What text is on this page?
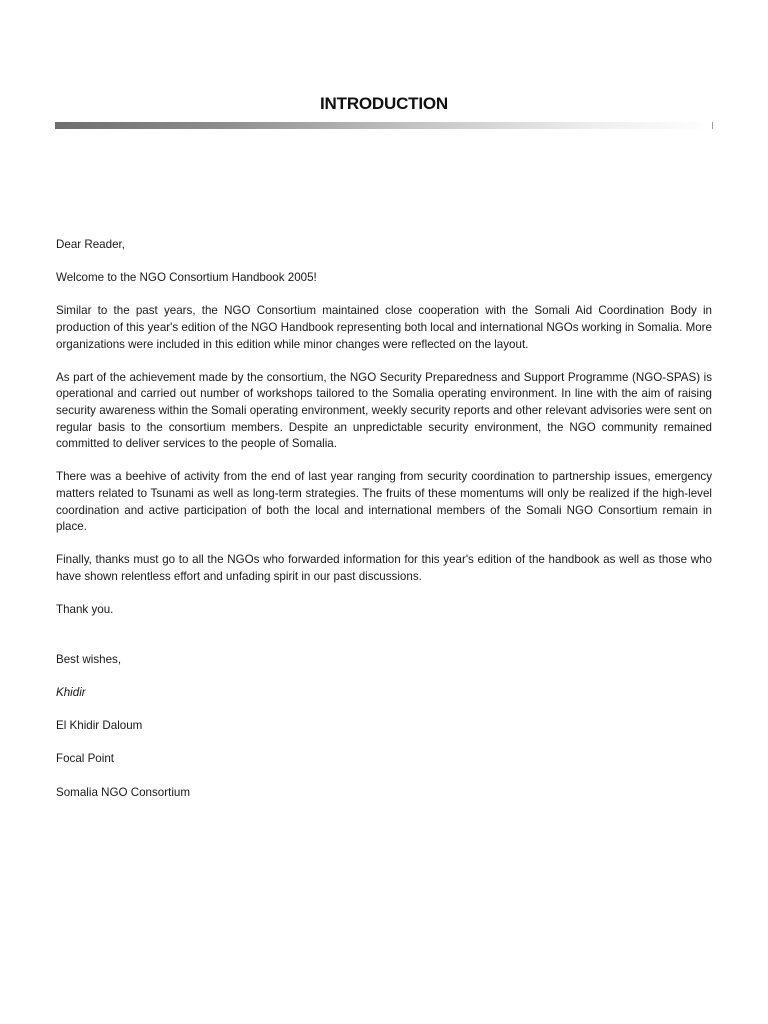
INTRODUCTION

Dear Reader,

Welcome to the NGO Consortium Handbook 2005!

Similar to the past years, the NGO Consortium maintained close cooperation with the Somali Aid Coordination Body in production of this year's edition of the NGO Handbook representing both local and international NGOs working in Somalia. More organizations were included in this edition while minor changes were reflected on the layout.

As part of the achievement made by the consortium, the NGO Security Preparedness and Support Programme (NGO-SPAS) is operational and carried out number of workshops tailored to the Somalia operating environment. In line with the aim of raising security awareness within the Somali operating environment, weekly security reports and other relevant advisories were sent on regular basis to the consortium members. Despite an unpredictable security environment, the NGO community remained committed to deliver services to the people of Somalia.

There was a beehive of activity from the end of last year ranging from security coordination to partnership issues, emergency matters related to Tsunami as well as long-term strategies. The fruits of these momentums will only be realized if the high-level coordination and active participation of both the local and international members of the Somali NGO Consortium remain in place.

Finally, thanks must go to all the NGOs who forwarded information for this year's edition of the handbook as well as those who have shown relentless effort and unfading spirit in our past discussions.

Thank you.

Best wishes,

Khidir

El Khidir Daloum

Focal Point

Somalia NGO Consortium
